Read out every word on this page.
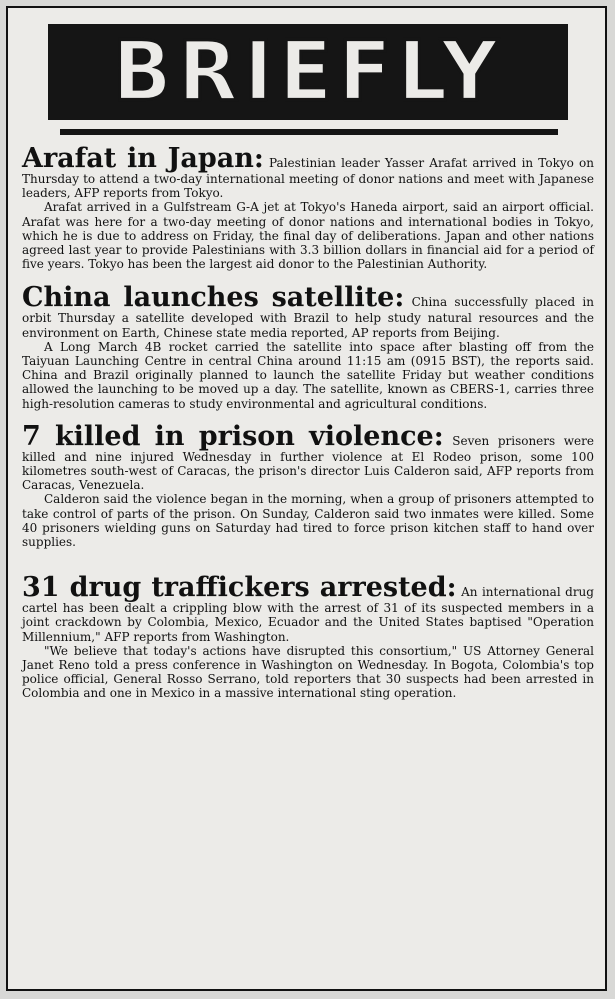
BRIEFLY

Arafat in Japan: Palestinian leader Yasser Arafat arrived in Tokyo on Thursday to attend a two-day international meeting of donor nations and meet with Japanese leaders, AFP reports from Tokyo.

Arafat arrived in a Gulfstream G-A jet at Tokyo's Haneda airport, said an airport official. Arafat was here for a two-day meeting of donor nations and international bodies in Tokyo, which he is due to address on Friday, the final day of deliberations. Japan and other nations agreed last year to provide Palestinians with 3.3 billion dollars in financial aid for a period of five years. Tokyo has been the largest aid donor to the Palestinian Authority.

China launches satellite: China successfully placed in orbit Thursday a satellite developed with Brazil to help study natural resources and the environment on Earth, Chinese state media reported, AP reports from Beijing.

A Long March 4B rocket carried the satellite into space after blasting off from the Taiyuan Launching Centre in central China around 11:15 am (0915 BST), the reports said. China and Brazil originally planned to launch the satellite Friday but weather conditions allowed the launching to be moved up a day. The satellite, known as CBERS-1, carries three high-resolution cameras to study environmental and agricultural conditions.

7 killed in prison violence: Seven prisoners were killed and nine injured Wednesday in further violence at El Rodeo prison, some 100 kilometres south-west of Caracas, the prison's director Luis Calderon said, AFP reports from Caracas, Venezuela.

Calderon said the violence began in the morning, when a group of prisoners attempted to take control of parts of the prison. On Sunday, Calderon said two inmates were killed. Some 40 prisoners wielding guns on Saturday had tired to force prison kitchen staff to hand over supplies.

31 drug traffickers arrested: An international drug cartel has been dealt a crippling blow with the arrest of 31 of its suspected members in a joint crackdown by Colombia, Mexico, Ecuador and the United States baptised "Operation Millennium," AFP reports from Washington.

"We believe that today's actions have disrupted this consortium," US Attorney General Janet Reno told a press conference in Washington on Wednesday. In Bogota, Colombia's top police official, General Rosso Serrano, told reporters that 30 suspects had been arrested in Colombia and one in Mexico in a massive international sting operation.
